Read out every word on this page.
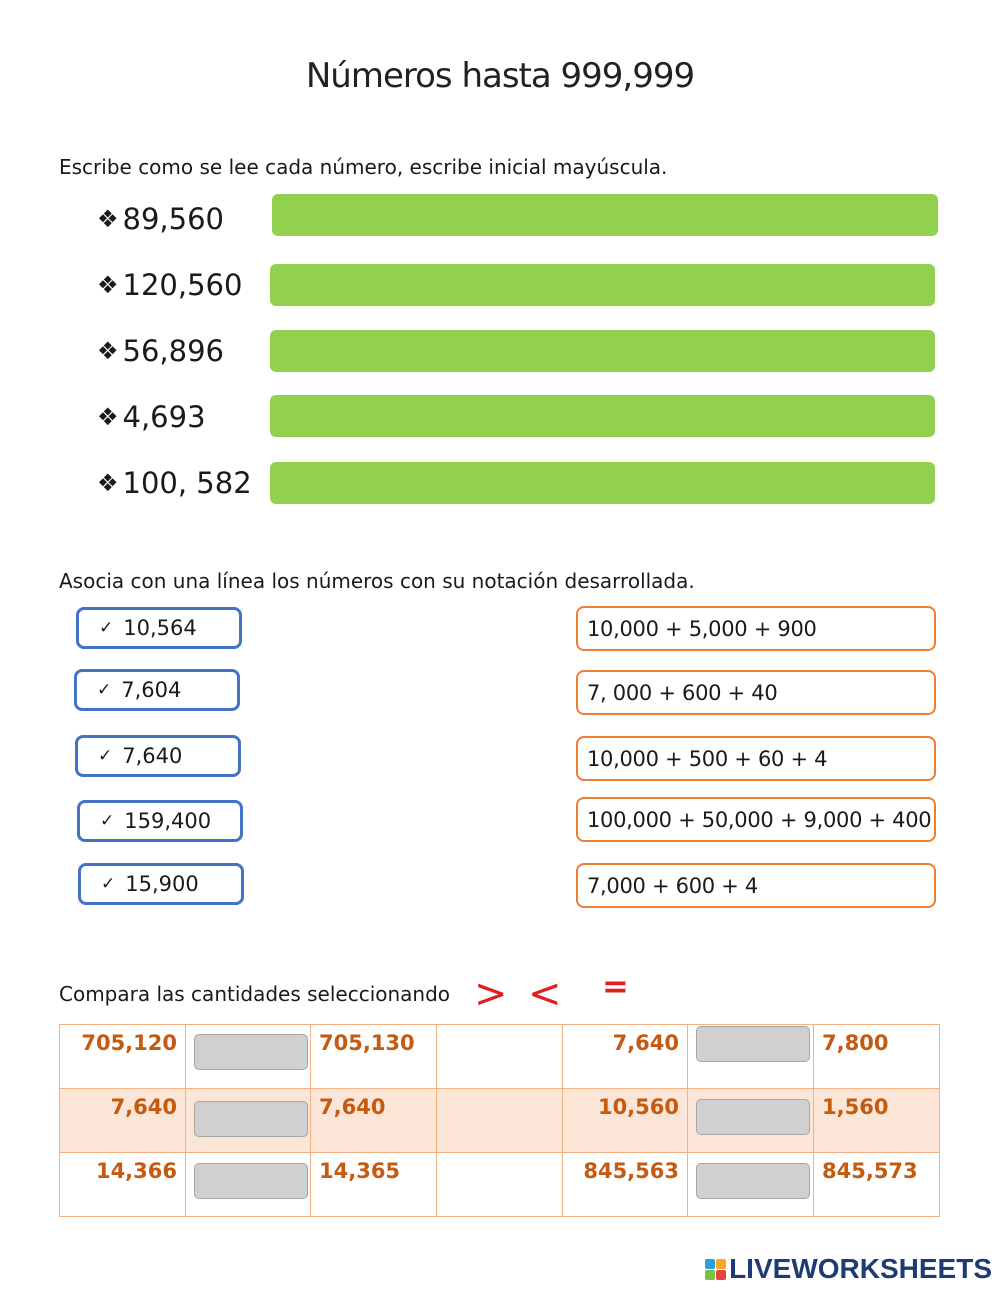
Números hasta 999,999
Escribe como se lee cada número, escribe inicial mayúscula.
❖ 89,560
❖ 120,560
❖ 56,896
❖ 4,693
❖ 100, 582
Asocia con una línea los números con su notación desarrollada.
✓ 10,564
✓ 7,604
✓ 7,640
✓ 159,400
✓ 15,900
10,000 + 5,000 + 900
7, 000 + 600 + 40
10,000 + 500 + 60 + 4
100,000 + 50,000 + 9,000 + 400
7,000 + 600 + 4
Compara las cantidades seleccionando > < =
705,120		705,130		7,640		7,800
7,640		7,640		10,560		1,560
14,366		14,365		845,563		845,573
LIVEWORKSHEETS
